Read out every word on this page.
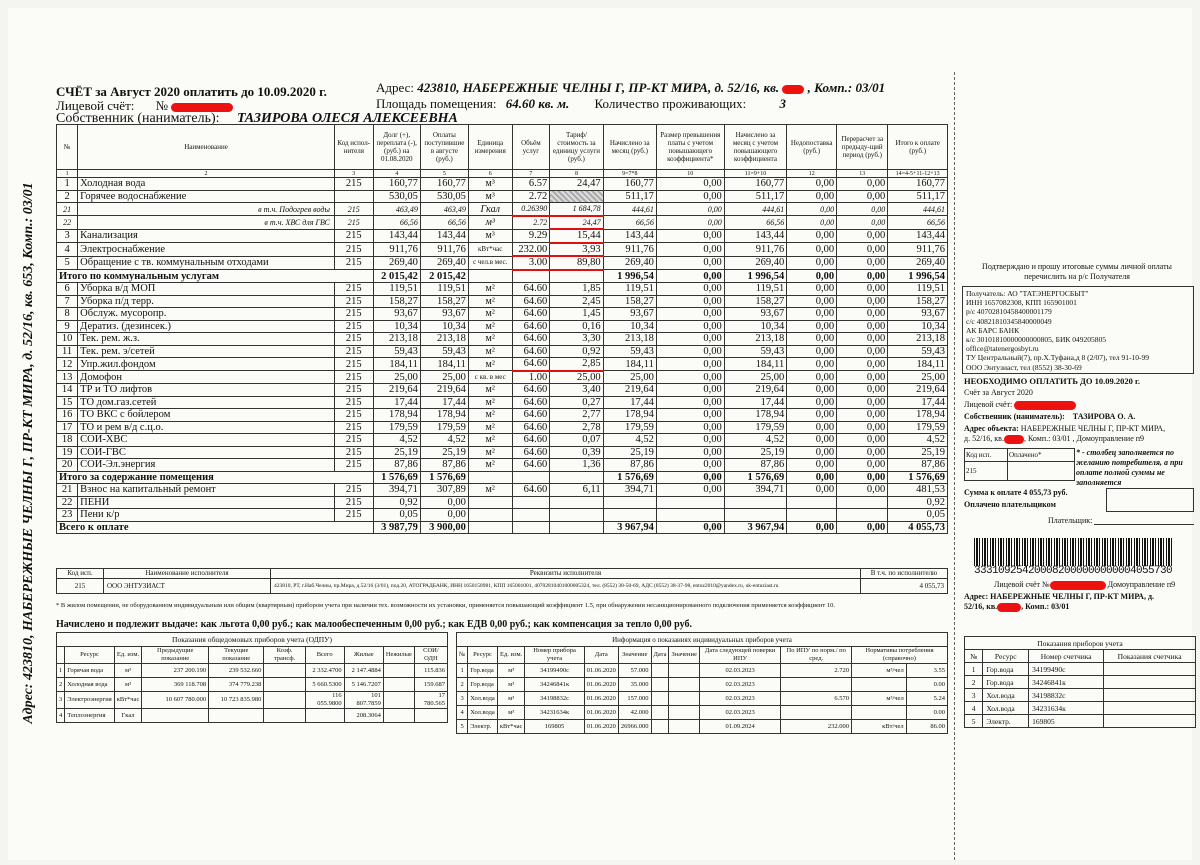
СЧЁТ за Август 2020 оплатить до 10.09.2020 г.
Лицевой счёт: №
Собственник (наниматель): ТАЗИРОВА ОЛЕСЯ АЛЕКСЕЕВНА
Адрес: 423810, НАБЕРЕЖНЫЕ ЧЕЛНЫ Г, ПР-КТ МИРА, д. 52/16, кв. , Комп.: 03/01
Площадь помещения: 64.60 кв. м. Количество проживающих:	3
Адрес: 423810, НАБЕРЕЖНЫЕ ЧЕЛНЫ Г, ПР-КТ МИРА, д. 52/16, кв. 653, Комп.: 03/01
№	Наименование	Код испол-нителя	Долг (+), переплата (-), (руб.) на 01.08.2020	Оплаты поступившие в августе (руб.)	Единица измерения	Объём услуг	Тариф/ стоимость за единицу услуги (руб.)	Начислено за месяц (руб.)	Размер превышения платы с учетом повышающего коэффициента*	Начислено за месяц с учетом повышающего коэффициента	Недопоставка (руб.)	Перерасчет за предыду-щий период (руб.)	Итого к оплате (руб.)
1	2	3	4	5	6	7	8	9=7*8	10	11=9+10	12	13	14=4-5+11-12+13
1	Холодная вода	215	160,77	160,77	м³	6.57	24,47	160,77	0,00	160,77	0,00	0,00	160,77
2	Горячее водоснабжение		530,05	530,05	м³	2.72		511,17	0,00	511,17	0,00	0,00	511,17
21	в т.ч. Подогрев воды	215	463,49	463,49	Гкал	0.26390	1 684,78	444,61	0,00	444,61	0,00	0,00	444,61
22	в т.ч. ХВС для ГВС	215	66,56	66,56	м³	2.72	24,47	66,56	0,00	66,56	0,00	0,00	66,56
3	Канализация	215	143,44	143,44	м³	9.29	15,44	143,44	0,00	143,44	0,00	0,00	143,44
4	Электроснабжение	215	911,76	911,76	кВт*час	232.00	3,93	911,76	0,00	911,76	0,00	0,00	911,76
5	Обращение с тв. коммунальным отходами	215	269,40	269,40	с чел.в мес.	3.00	89,80	269,40	0,00	269,40	0,00	0,00	269,40
Итого по коммунальным услугам			2 015,42	2 015,42				1 996,54	0,00	1 996,54	0,00	0,00	1 996,54
6	Уборка в/д МОП	215	119,51	119,51	м²	64.60	1,85	119,51	0,00	119,51	0,00	0,00	119,51
7	Уборка п/д терр.	215	158,27	158,27	м²	64.60	2,45	158,27	0,00	158,27	0,00	0,00	158,27
8	Обслуж. мусоропр.	215	93,67	93,67	м²	64.60	1,45	93,67	0,00	93,67	0,00	0,00	93,67
9	Дератиз. (дезинсек.)	215	10,34	10,34	м²	64.60	0,16	10,34	0,00	10,34	0,00	0,00	10,34
10	Тек. рем. ж.з.	215	213,18	213,18	м²	64.60	3,30	213,18	0,00	213,18	0,00	0,00	213,18
11	Тек. рем. э/сетей	215	59,43	59,43	м²	64.60	0,92	59,43	0,00	59,43	0,00	0,00	59,43
12	Упр.жил.фондом	215	184,11	184,11	м²	64.60	2,85	184,11	0,00	184,11	0,00	0,00	184,11
13	Домофон	215	25,00	25,00	с кв. в мес	1.00	25,00	25,00	0,00	25,00	0,00	0,00	25,00
14	ТР и ТО лифтов	215	219,64	219,64	м²	64.60	3,40	219,64	0,00	219,64	0,00	0,00	219,64
15	ТО дом.газ.сетей	215	17,44	17,44	м²	64.60	0,27	17,44	0,00	17,44	0,00	0,00	17,44
16	ТО ВКС с бойлером	215	178,94	178,94	м²	64.60	2,77	178,94	0,00	178,94	0,00	0,00	178,94
17	ТО и рем в/д с.ц.о.	215	179,59	179,59	м²	64.60	2,78	179,59	0,00	179,59	0,00	0,00	179,59
18	СОИ-ХВС	215	4,52	4,52	м²	64.60	0,07	4,52	0,00	4,52	0,00	0,00	4,52
19	СОИ-ГВС	215	25,19	25,19	м²	64.60	0,39	25,19	0,00	25,19	0,00	0,00	25,19
20	СОИ-Эл.энергия	215	87,86	87,86	м²	64.60	1,36	87,86	0,00	87,86	0,00	0,00	87,86
Итого за содержание помещения			1 576,69	1 576,69				1 576,69	0,00	1 576,69	0,00	0,00	1 576,69
21	Взнос на капитальный ремонт	215	394,71	307,89	м²	64.60	6,11	394,71	0,00	394,71	0,00	0,00	481,53
22	ПЕНИ	215	0,92	0,00									0,92
23	Пени к/р	215	0,05	0,00									0,05
Всего к оплате			3 987,79	3 900,00				3 967,94	0,00	3 967,94	0,00	0,00	4 055,73
Код исп.	Наименование исполнителя	Реквизиты исполнителя	В т.ч. по исполнителю
215	ООО ЭНТУЗИАСТ	423810, РТ, г.Наб.Челны, пр.Мира, д.52/16 (3/01), под.20, АТОГРАДБАНК, ИНН 1650158981, КПП 165001001, 40702810401000005324, тел. (8552) 38-50-69, АДС (8552) 38-37-98, entuz2010@yandex.ru, uk-entuziast.ru	4 055,73
* В жилом помещении, не оборудованном индивидуальным или общим (квартирным) прибором учета при наличии тех. возможности их установки, применяется повышающий коэффициент 1.5, при обнаружении несанкционированного подключения применяется коэффициент 10.
Начислено и подлежит выдаче: как льгота 0,00 руб.; как малообеспеченным 0,00 руб.; как ЕДВ 0,00 руб.; как компенсация за тепло 0,00 руб.
Показания общедомовых приборов учета (ОДПУ)									
	Ресурс	Ед. изм.	Предыдущие показание	Текущие показание	Коэф. трансф.	Всего	Жилые	Нежилые	СОИ/ОДН
1	Горячая вода	м³	237 200.190	239 532.660		2 332.4700	2 147.4884		115.836
2	Холодная вода	м³	369 118.708	374 779.238		5 660.5300	5 146.7207		159.687
3	Электроэнергия	кВт*час	10 607 780.000	10 723 835.980		116 055.9800	101 807.7859		17 780.565
4	Теплоэнергия	Гкал					208.3064		
Информация о показаниях индивидуальных приборов учета											
№	Ресурс	Ед. изм.	Номер прибора учета	Дата	Значение	Дата	Значение	Дата следующей поверки ИПУ	По ИПУ по норм./ по сред.	Нормативы потребления (справочно)	
1	Гор.вода	м³	34199490с	01.06.2020	57.000			02.03.2023	2.720	м³/чел	3.55
2	Гор.вода	м³	34246841к	01.06.2020	35.000			02.03.2023			0.00
3	Хол.вода	м³	34198832с	01.06.2020	157.000			02.03.2023	6.570	м³/чел	5.24
4	Хол.вода	м³	34231634к	01.06.2020	42.000			02.03.2023			0.00
5	Электр.	кВт*час	169805	01.06.2020	26966.000			01.09.2024	232.000	кВт/чел	86.00
Подтверждаю и прошу итоговые суммы личной оплаты перечислить на р/с Получателя
Получатель: АО "ТАТЭНЕРГОСБЫТ"
ИНН 1657082308, КПП 165901001
р/с 40702810458400001179
с/с 40821810345840000049
АК БАРС БАНК
к/с 30101810000000000805, БИК 049205805
office@tatenergosbyt.ru
ТУ Центральный(7), пр.Х.Туфана,д 8 (2/07), тел 91-10-99
ООО Энтузиаст, тел (8552) 38-30-69
НЕОБХОДИМО ОПЛАТИТЬ ДО 10.09.2020 г.
Счёт за Август 2020
Лицевой счёт:
Собственник (наниматель): ТАЗИРОВА О. А.
Адрес объекта: НАБЕРЕЖНЫЕ ЧЕЛНЫ Г, ПР-КТ МИРА,
д. 52/16, кв.	, Комп.: 03/01 , Домоуправление п9
Код исп.	Оплачено*
215	
* - столбец заполняется по желанию потребителя, а при оплате полной суммы не заполняется
Сумма к оплате 4 055,73 руб.
Оплачено плательщиком
Плательщик:
333109254200082000000000004055730
Лицевой счёт №	Домоуправление п9
Адрес: НАБЕРЕЖНЫЕ ЧЕЛНЫ Г, ПР-КТ МИРА, д.
52/16, кв.	, Комп.: 03/01
Показания приборов учета			
№	Ресурс	Номер счетчика	Показания счетчика
1	Гор.вода	34199490с	
2	Гор.вода	34246841к	
3	Хол.вода	34198832с	
4	Хол.вода	34231634к	
5	Электр.	169805	
